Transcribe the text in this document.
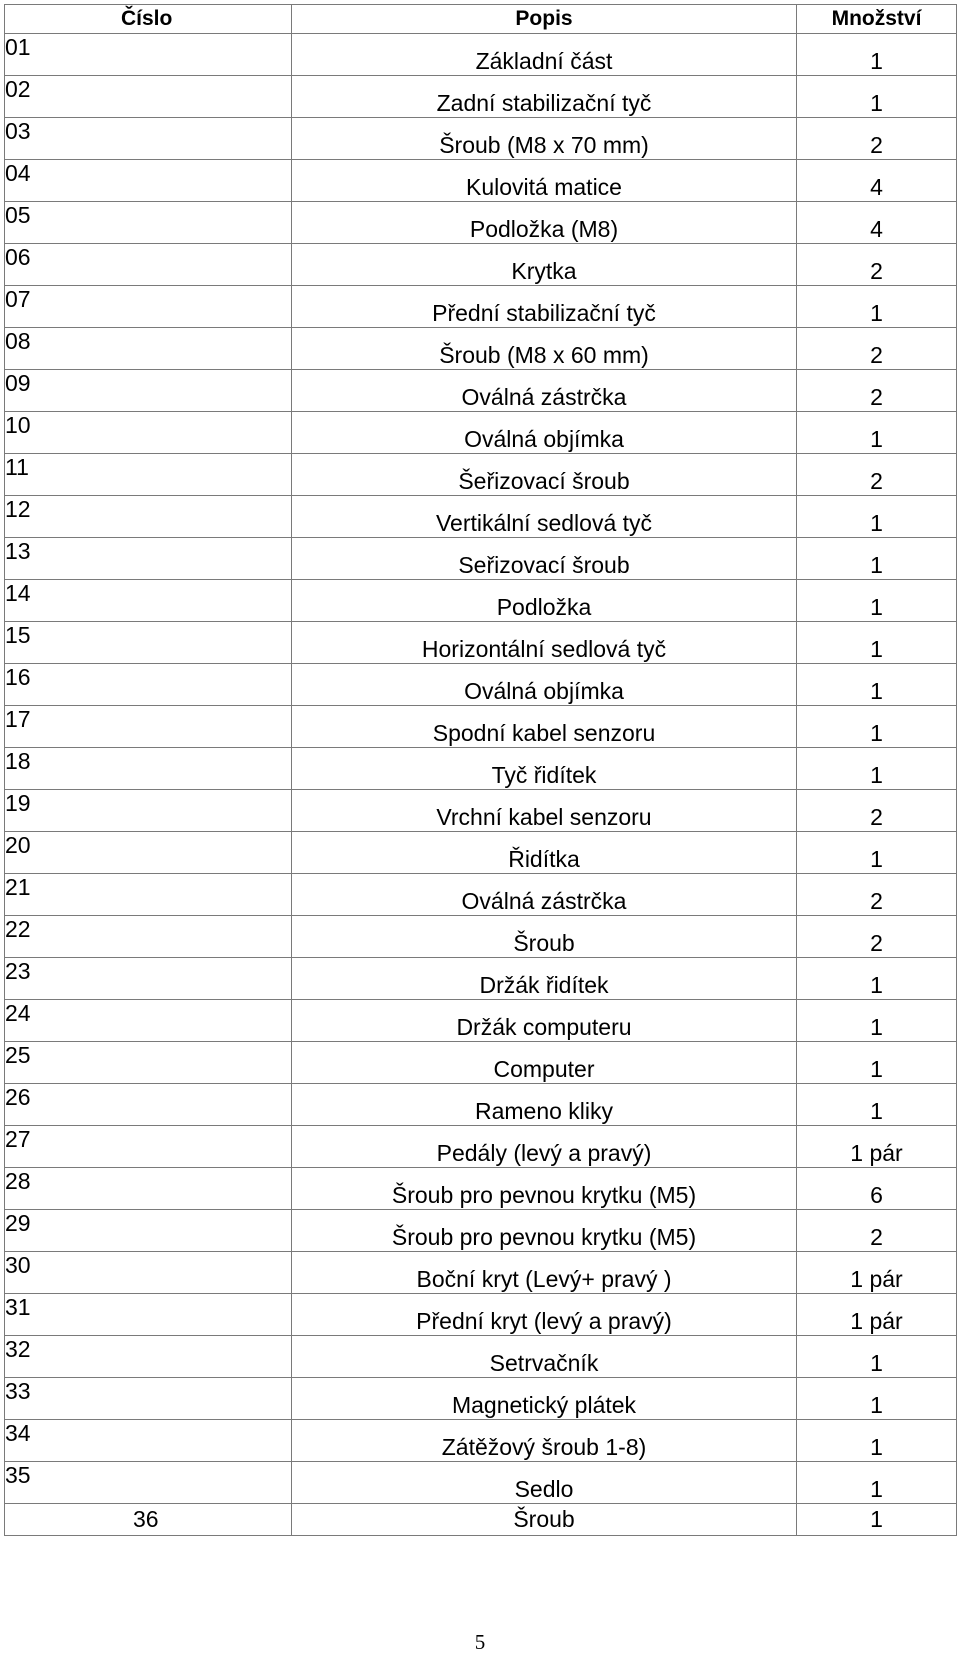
Číslo	Popis	Množství
01	Základní část	1
02	Zadní stabilizační tyč	1
03	Šroub (M8 x 70 mm)	2
04	Kulovitá matice	4
05	Podložka (M8)	4
06	Krytka	2
07	Přední stabilizační tyč	1
08	Šroub (M8 x 60 mm)	2
09	Oválná zástrčka	2
10	Oválná objímka	1
11	Šeřizovací šroub	2
12	Vertikální sedlová tyč	1
13	Seřizovací šroub	1
14	Podložka	1
15	Horizontální sedlová tyč	1
16	Oválná objímka	1
17	Spodní kabel senzoru	1
18	Tyč řidítek	1
19	Vrchní kabel senzoru	2
20	Řidítka	1
21	Oválná zástrčka	2
22	Šroub	2
23	Držák řidítek	1
24	Držák computeru	1
25	Computer	1
26	Rameno kliky	1
27	Pedály (levý a pravý)	1 pár
28	Šroub pro pevnou krytku (M5)	6
29	Šroub pro pevnou krytku (M5)	2
30	Boční kryt (Levý+ pravý )	1 pár
31	Přední kryt (levý a pravý)	1 pár
32	Setrvačník	1
33	Magnetický plátek	1
34	Zátěžový šroub 1-8)	1
35	Sedlo	1
36	Šroub	1
5
